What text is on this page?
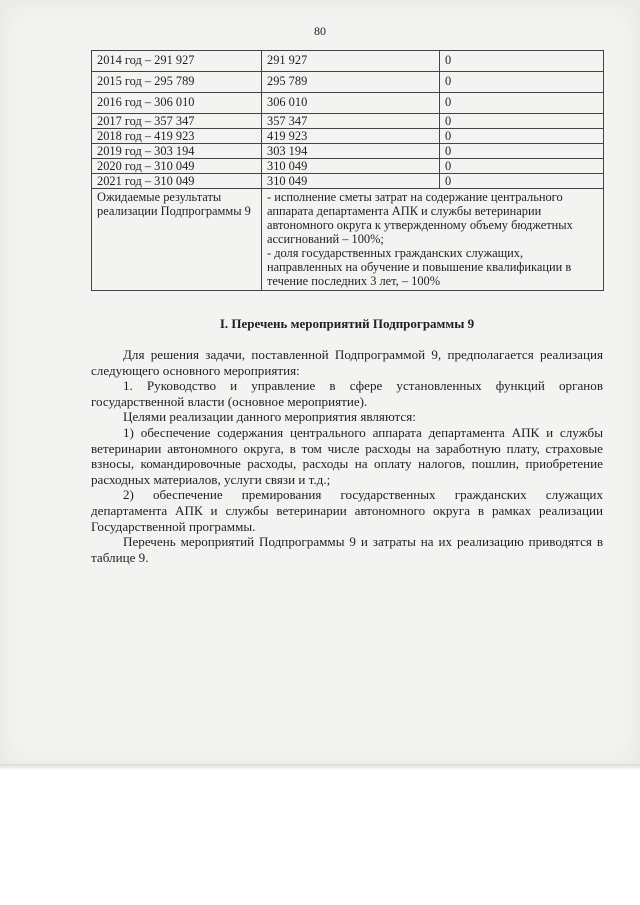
80
2014 год – 291 927	291 927	0
2015 год – 295 789	295 789	0
2016 год – 306 010	306 010	0
2017 год – 357 347	357 347	0
2018 год – 419 923	419 923	0
2019 год – 303 194	303 194	0
2020 год – 310 049	310 049	0
2021 год – 310 049	310 049	0
Ожидаемые результаты реализации Подпрограммы 9	- исполнение сметы затрат на содержание центрального аппарата департамента АПК и службы ветеринарии автономного округа к утвержденному объему бюджетных ассигнований – 100%;
- доля государственных гражданских служащих, направленных на обучение и повышение квалификации в течение последних 3 лет, – 100%	
I. Перечень мероприятий Подпрограммы 9

Для решения задачи, поставленной Подпрограммой 9, предполагается реализация следующего основного мероприятия:

1. Руководство и управление в сфере установленных функций органов государственной власти (основное мероприятие).

Целями реализации данного мероприятия являются:

1) обеспечение содержания центрального аппарата департамента АПК и службы ветеринарии автономного округа, в том числе расходы на заработную плату, страховые взносы, командировочные расходы, расходы на оплату налогов, пошлин, приобретение расходных материалов, услуги связи и т.д.;

2) обеспечение премирования государственных гражданских служащих департамента АПК и службы ветеринарии автономного округа в рамках реализации Государственной программы.

Перечень мероприятий Подпрограммы 9 и затраты на их реализацию приводятся в таблице 9.
